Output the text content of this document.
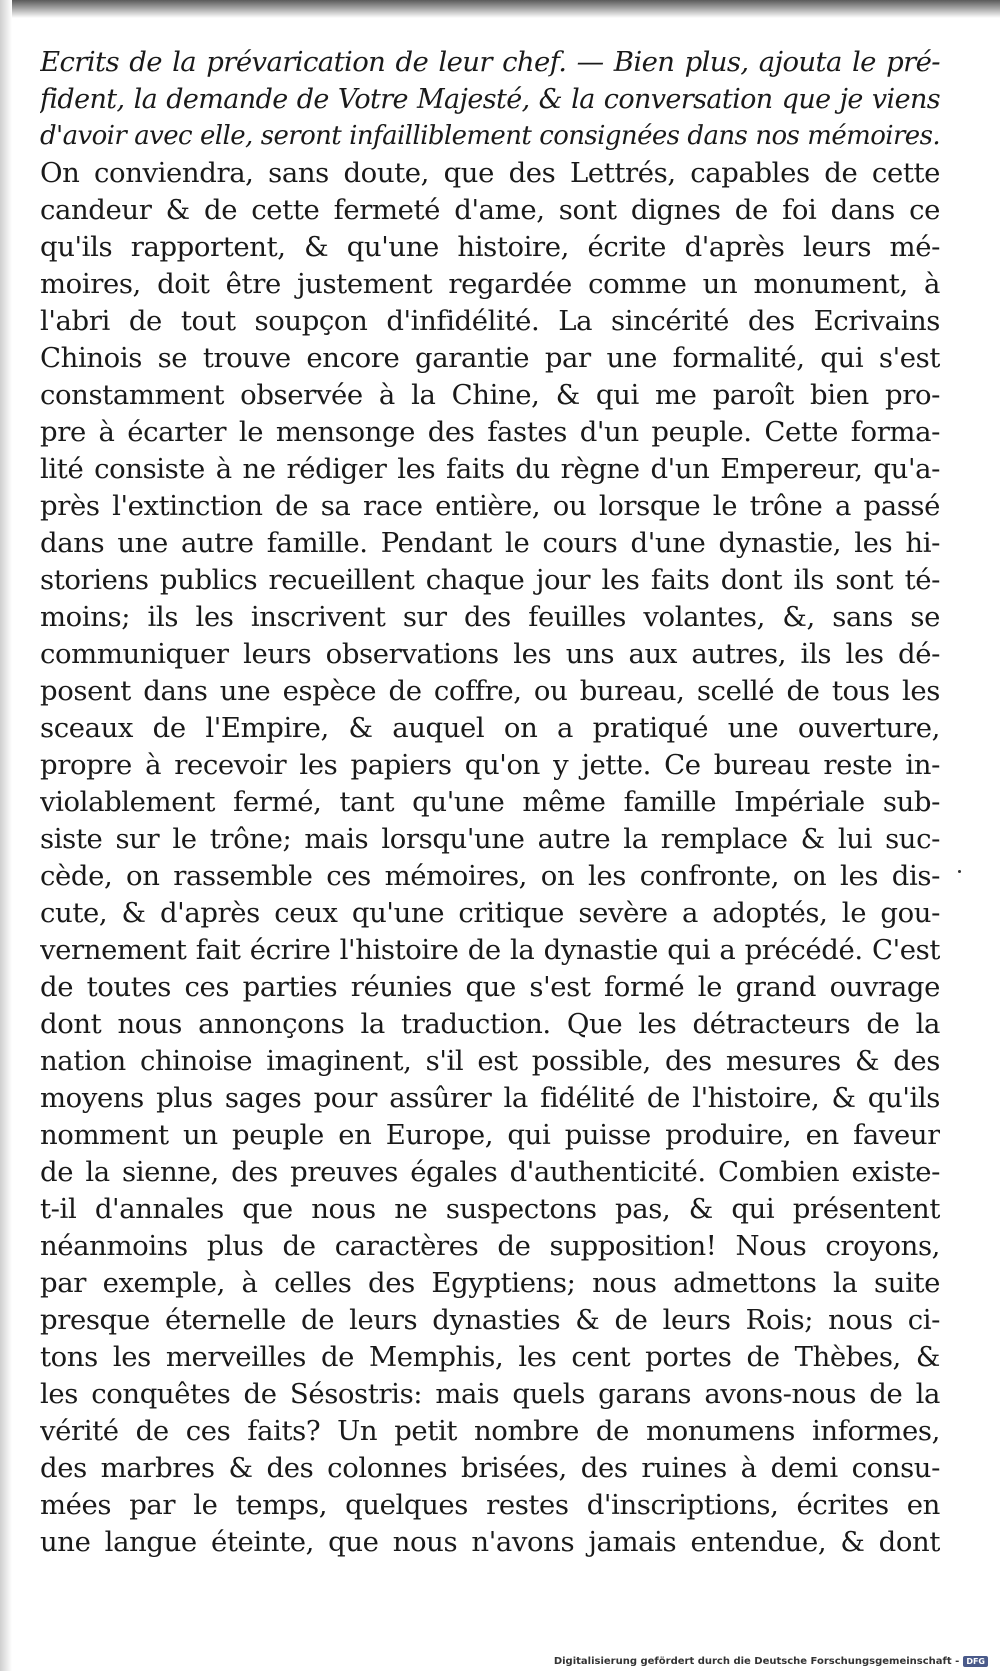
Ecrits de la prévarication de leur chef. — Bien plus, ajouta le pré-
fident, la demande de Votre Majesté, & la conversation que je viens
d'avoir avec elle, seront infailliblement consignées dans nos mémoires.
On conviendra, sans doute, que des Lettrés, capables de cette
candeur & de cette fermeté d'ame, sont dignes de foi dans ce
qu'ils rapportent, & qu'une histoire, écrite d'après leurs mé-
moires, doit être justement regardée comme un monument, à
l'abri de tout soupçon d'infidélité. La sincérité des Ecrivains
Chinois se trouve encore garantie par une formalité, qui s'est
constamment observée à la Chine, & qui me paroît bien pro-
pre à écarter le mensonge des fastes d'un peuple. Cette forma-
lité consiste à ne rédiger les faits du règne d'un Empereur, qu'a-
près l'extinction de sa race entière, ou lorsque le trône a passé
dans une autre famille. Pendant le cours d'une dynastie, les hi-
storiens publics recueillent chaque jour les faits dont ils sont té-
moins; ils les inscrivent sur des feuilles volantes, &, sans se
communiquer leurs observations les uns aux autres, ils les dé-
posent dans une espèce de coffre, ou bureau, scellé de tous les
sceaux de l'Empire, & auquel on a pratiqué une ouverture,
propre à recevoir les papiers qu'on y jette. Ce bureau reste in-
violablement fermé, tant qu'une même famille Impériale sub-
siste sur le trône; mais lorsqu'une autre la remplace & lui suc-
cède, on rassemble ces mémoires, on les confronte, on les dis-
cute, & d'après ceux qu'une critique sevère a adoptés, le gou-
vernement fait écrire l'histoire de la dynastie qui a précédé. C'est
de toutes ces parties réunies que s'est formé le grand ouvrage
dont nous annonçons la traduction. Que les détracteurs de la
nation chinoise imaginent, s'il est possible, des mesures & des
moyens plus sages pour assûrer la fidélité de l'histoire, & qu'ils
nomment un peuple en Europe, qui puisse produire, en faveur
de la sienne, des preuves égales d'authenticité. Combien existe-
t-il d'annales que nous ne suspectons pas, & qui présentent
néanmoins plus de caractères de supposition! Nous croyons,
par exemple, à celles des Egyptiens; nous admettons la suite
presque éternelle de leurs dynasties & de leurs Rois; nous ci-
tons les merveilles de Memphis, les cent portes de Thèbes, &
les conquêtes de Sésostris: mais quels garans avons-nous de la
vérité de ces faits? Un petit nombre de monumens informes,
des marbres & des colonnes brisées, des ruines à demi consu-
mées par le temps, quelques restes d'inscriptions, écrites en
une langue éteinte, que nous n'avons jamais entendue, & dont
Digitalisierung gefördert durch die Deutsche Forschungsgemeinschaft - DFG
